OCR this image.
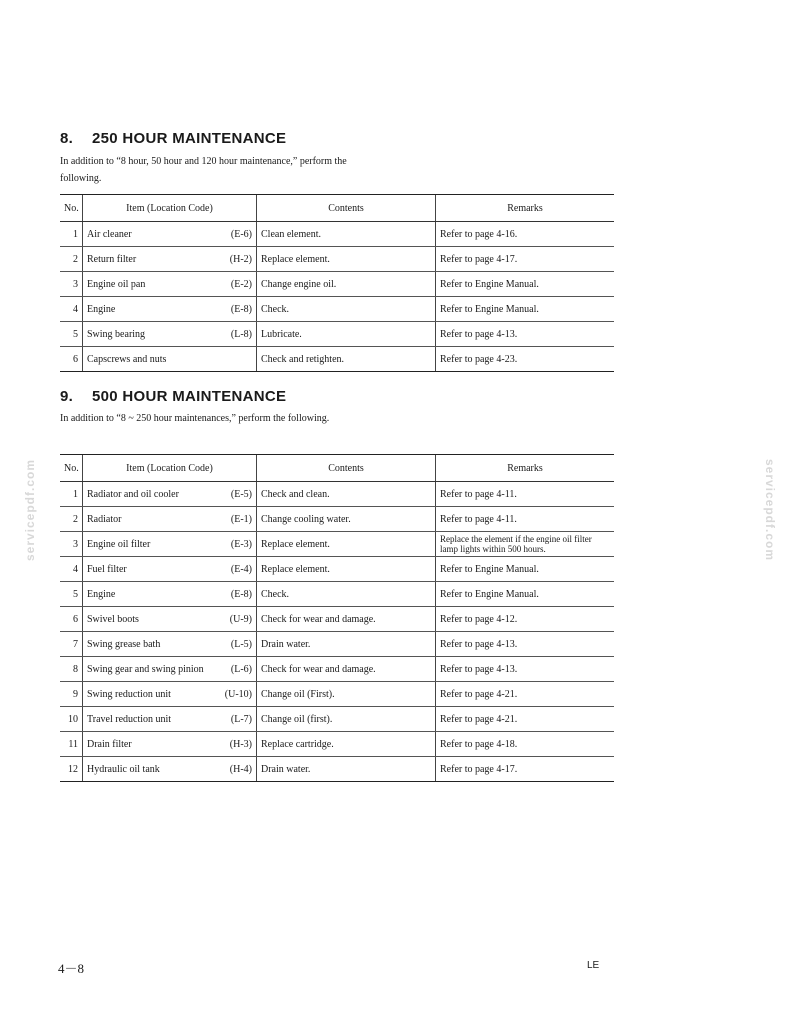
servicepdf.com	servicepdf.com
8. 250 HOUR MAINTENANCE

In addition to “8 hour, 50 hour and 120 hour maintenance,” perform the following.

No.	Item (Location Code)	Contents	Remarks
1	Air cleaner (E-6)	Clean element.	Refer to page 4-16.
2	Return filter (H-2)	Replace element.	Refer to page 4-17.
3	Engine oil pan (E-2)	Change engine oil.	Refer to Engine Manual.
4	Engine (E-8)	Check.	Refer to Engine Manual.
5	Swing bearing (L-8)	Lubricate.	Refer to page 4-13.
6	Capscrews and nuts	Check and retighten.	Refer to page 4-23.
9. 500 HOUR MAINTENANCE

In addition to “8 ~ 250 hour maintenances,” perform the following.

No.	Item (Location Code)	Contents	Remarks
1	Radiator and oil cooler (E-5)	Check and clean.	Refer to page 4-11.
2	Radiator (E-1)	Change cooling water.	Refer to page 4-11.
3	Engine oil filter (E-3)	Replace element.	Replace the element if the engine oil filter lamp lights within 500 hours.
4	Fuel filter (E-4)	Replace element.	Refer to Engine Manual.
5	Engine (E-8)	Check.	Refer to Engine Manual.
6	Swivel boots (U-9)	Check for wear and damage.	Refer to page 4-12.
7	Swing grease bath (L-5)	Drain water.	Refer to page 4-13.
8	Swing gear and swing pinion (L-6)	Check for wear and damage.	Refer to page 4-13.
9	Swing reduction unit (U-10)	Change oil (First).	Refer to page 4-21.
10	Travel reduction unit (L-7)	Change oil (first).	Refer to page 4-21.
11	Drain filter (H-3)	Replace cartridge.	Refer to page 4-18.
12	Hydraulic oil tank (H-4)	Drain water.	Refer to page 4-17.
4－8	LE
